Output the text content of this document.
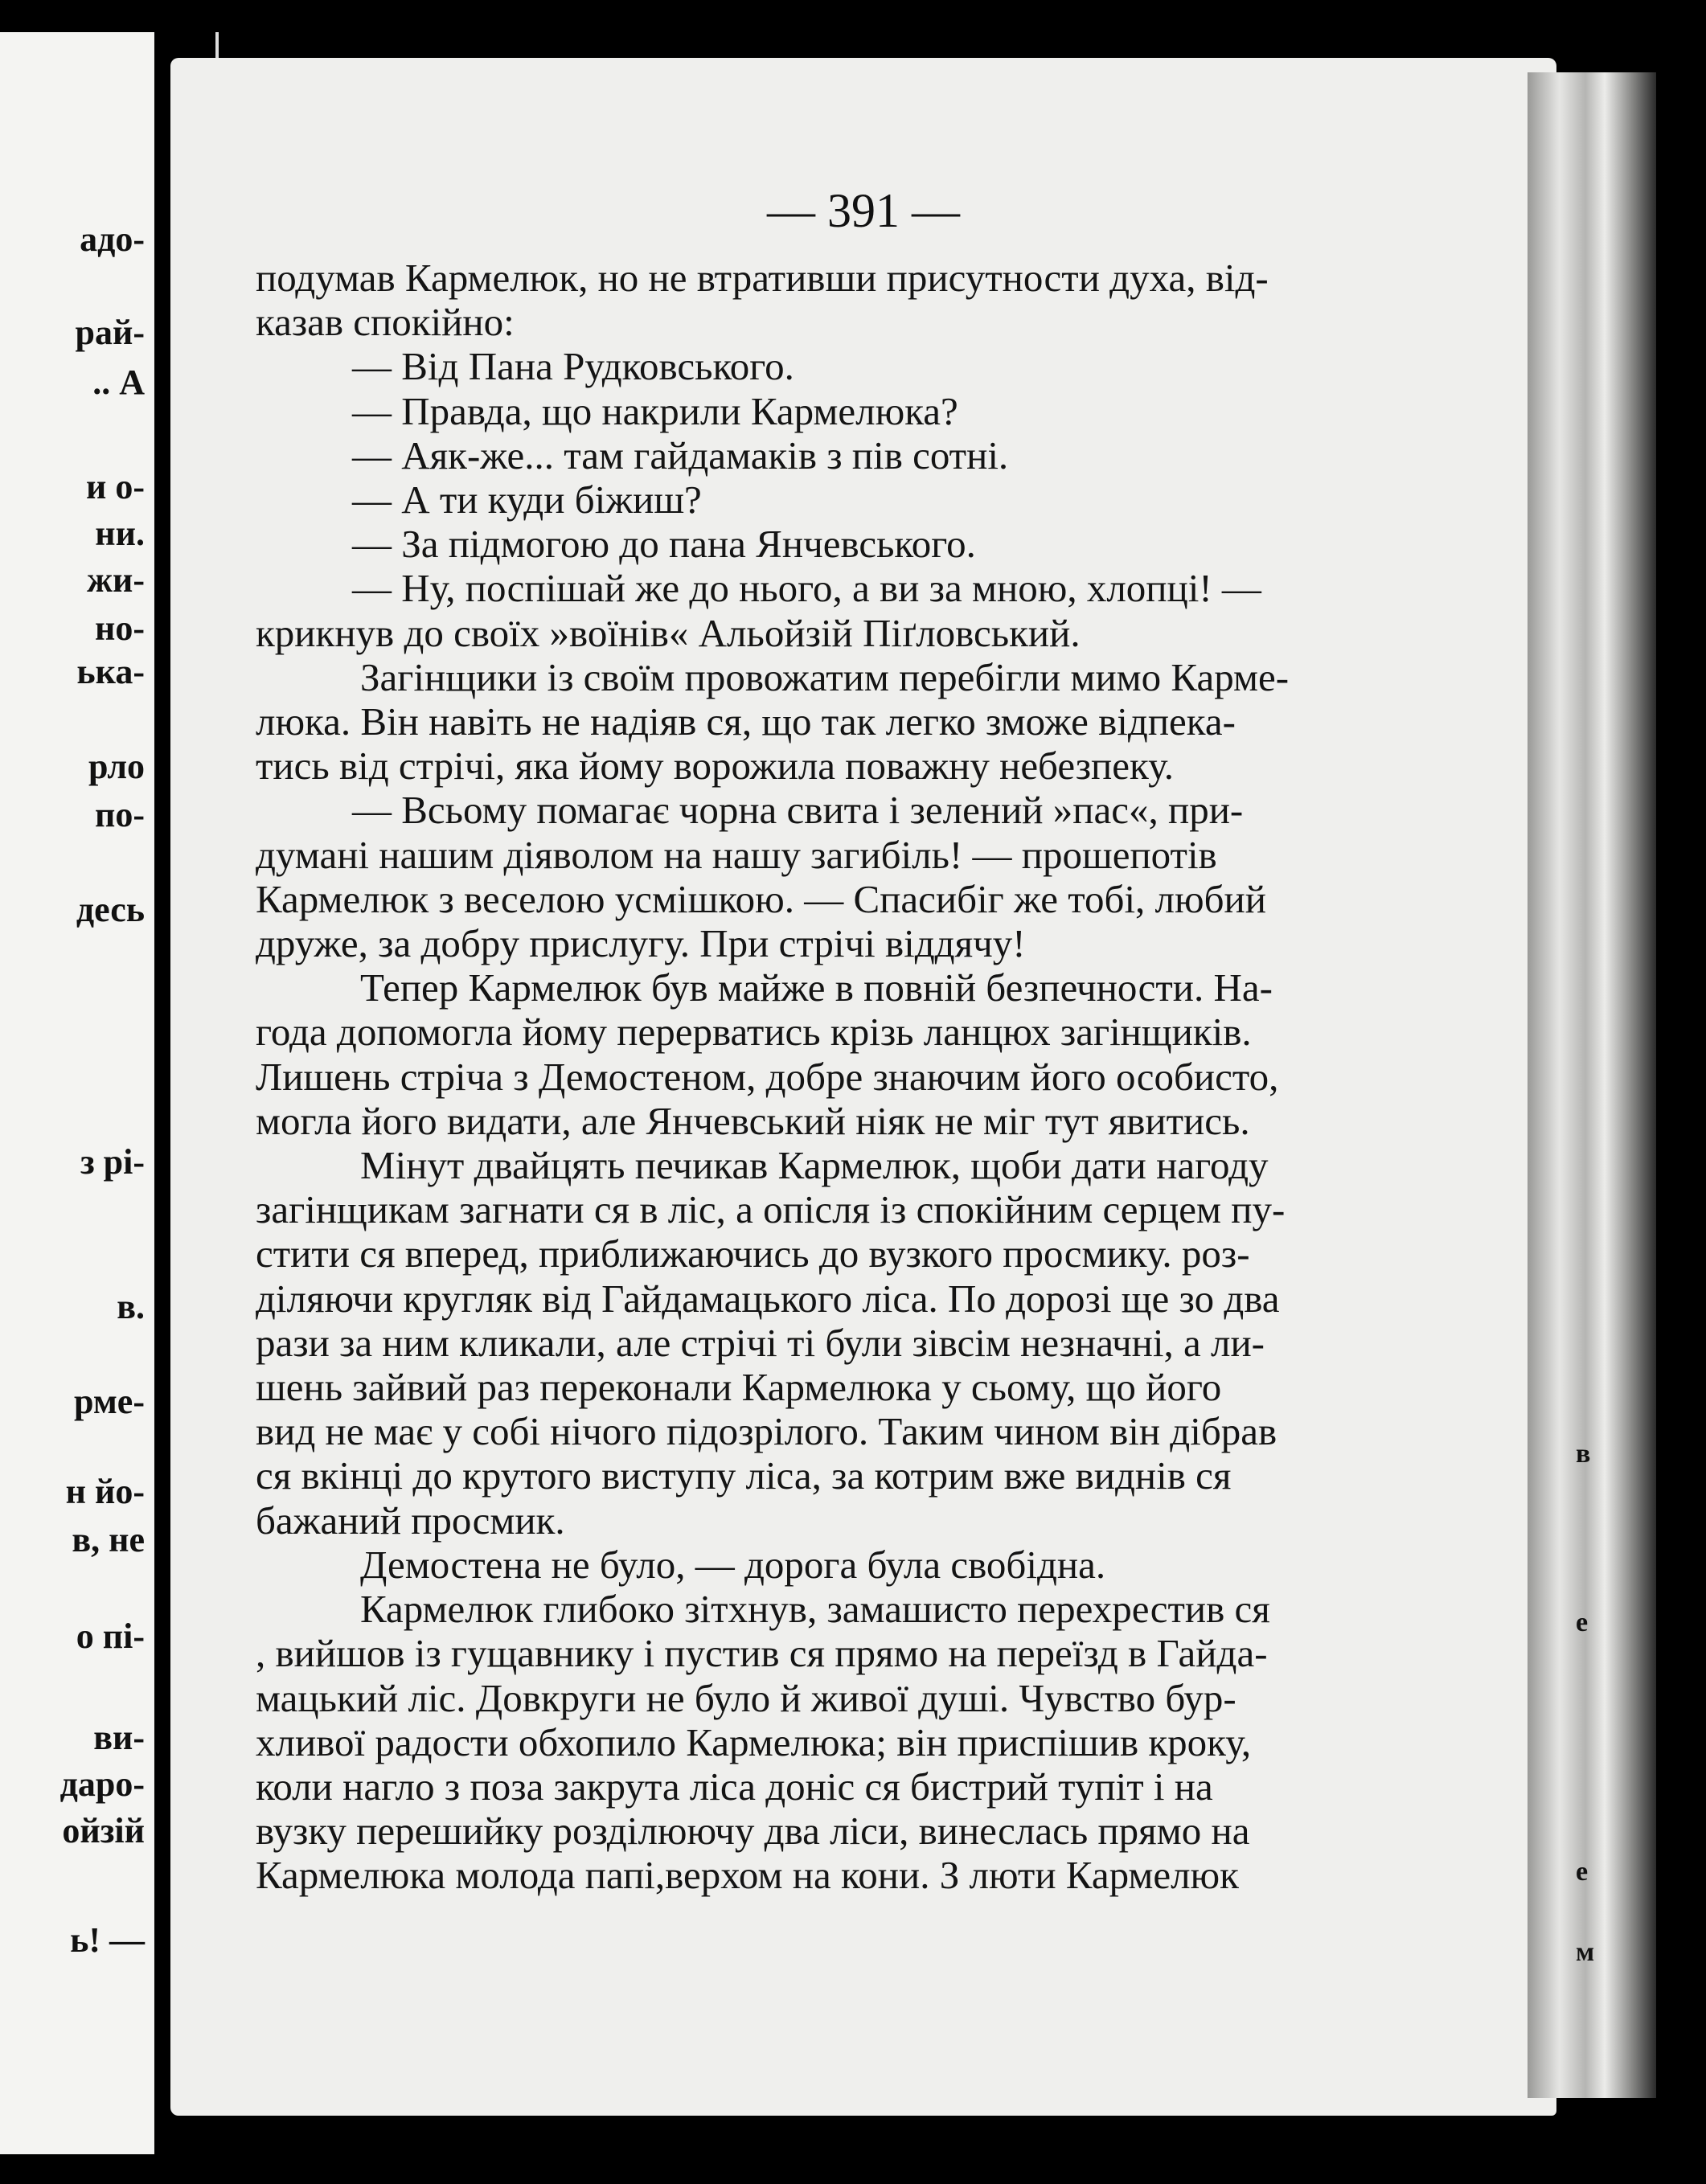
адо-
рай-
.. А
и о-
ни.
жи-
но-
ька-
рло
по-
десь
з рі-
в.
рме-
н йо-
в, не
о пі-
ви-
даро-
ойзій
ь! —
в
е
е
м
— 391 —
подумав Кармелюк, но не втративши присутности духа, від-
казав спокійно:
— Від Пана Рудковського.
— Правда, що накрили Кармелюка?
— Аяк-же... там гайдамаків з пів сотні.
— А ти куди біжиш?
— За підмогою до пана Янчевського.
— Ну, поспішай же до нього, а ви за мною, хлопці! —
крикнув до своїх »воїнів« Альойзій Піґловський.
Загінщики із своїм провожатим перебігли мимо Карме-
люка. Він навіть не надіяв ся, що так легко зможе відпека-
тись від стрічі, яка йому ворожила поважну небезпеку.
— Всьому помагає чорна свита і зелений »пас«, при-
думані нашим діяволом на нашу загибіль! — прошепотів
Кармелюк з веселою усмішкою. — Спасибіг же тобі, любий
друже, за добру прислугу. При стрічі віддячу!
Тепер Кармелюк був майже в повній безпечности. На-
года допомогла йому перерватись крізь ланцюх загінщиків.
Лишень стріча з Демостеном, добре знаючим його особисто,
могла його видати, але Янчевський ніяк не міг тут явитись.
Мінут двайцять печикав Кармелюк, щоби дати нагоду
загінщикам загнати ся в ліс, а опісля із спокійним серцем пу-
стити ся вперед, приближаючись до вузкого просмику. роз-
діляючи кругляк від Гайдамацького ліса. По дорозі ще зо два
рази за ним кликали, але стрічі ті були зівсім незначні, а ли-
шень зайвий раз переконали Кармелюка у сьому, що його
вид не має у собі нічого підозрілого. Таким чином він дібрав
ся вкінці до крутого виступу ліса, за котрим вже виднів ся
бажаний просмик.
Демостена не було, — дорога була свобідна.
Кармелюк глибоко зітхнув, замашисто перехрестив ся
, вийшов із гущавнику і пустив ся прямо на переїзд в Гайда-
мацький ліс. Довкруги не було й живої душі. Чувство бур-
хливої радости обхопило Кармелюка; він приспішив кроку,
коли нагло з поза закрута ліса доніс ся бистрий тупіт і на
вузку перешийку розділюючу два ліси, винеслась прямо на
Кармелюка молода папі,верхом на кони. З люти Кармелюк
